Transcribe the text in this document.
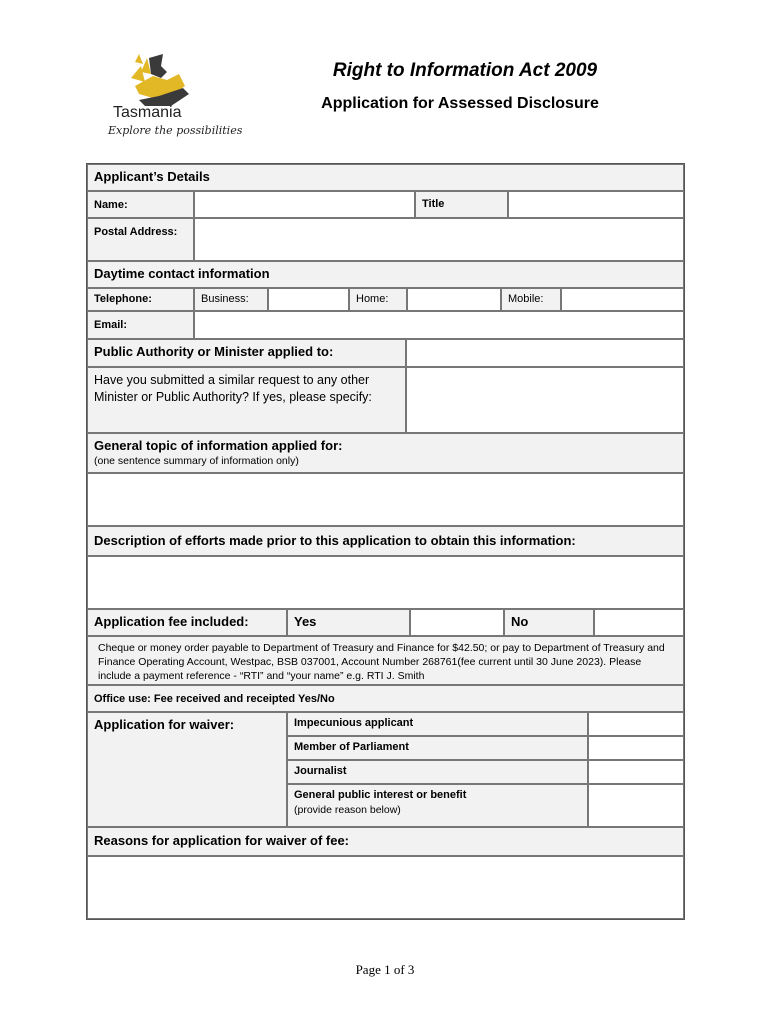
Tasmania
Explore the possibilities
Right to Information Act 2009
Application for Assessed Disclosure
Applicant’s Details
Name:	Title
Postal Address:
Daytime contact information
Telephone:	Business:	Home:	Mobile:
Email:
Public Authority or Minister applied to:
Have you submitted a similar request to any other Minister or Public Authority? If yes, please specify:
General topic of information applied for:
(one sentence summary of information only)
Description of efforts made prior to this application to obtain this information:
Application fee included:	Yes	No
Cheque or money order payable to Department of Treasury and Finance for $42.50; or pay to Department of Treasury and Finance Operating Account, Westpac, BSB 037001, Account Number 268761(fee current until 30 June 2023). Please include a payment reference - “RTI” and “your name” e.g. RTI J. Smith
Office use: Fee received and receipted Yes/No
Application for waiver:	Impecunious applicant
Member of Parliament
Journalist
General public interest or benefit
(provide reason below)
Reasons for application for waiver of fee:
Page 1 of 3
